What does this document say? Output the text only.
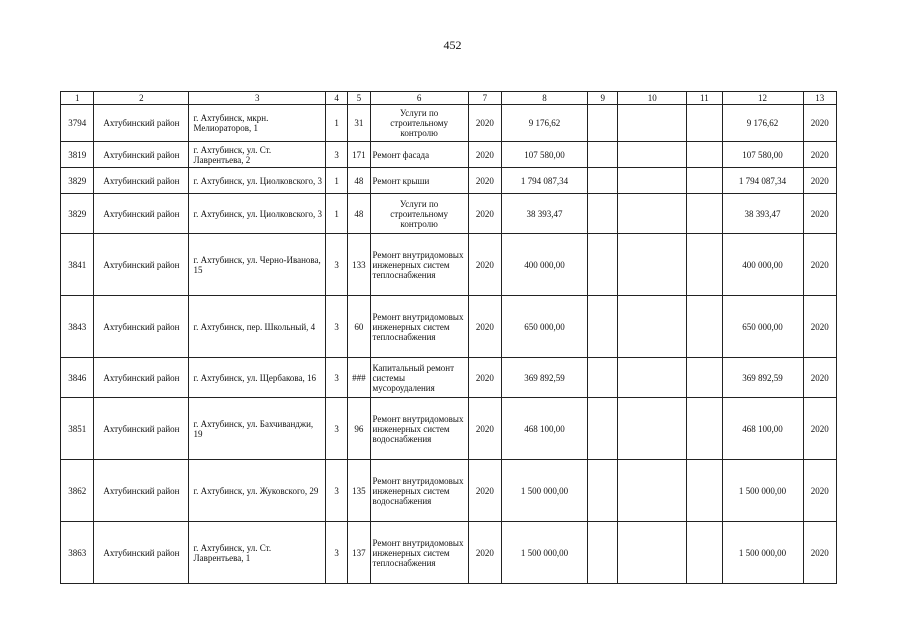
452
1	2	3	4	5	6	7	8	9	10	11	12	13
3794	Ахтубинский район	г. Ахтубинск, мкрн. Мелиораторов, 1	1	31	Услуги по строительному контролю	2020	9 176,62				9 176,62	2020
3819	Ахтубинский район	г. Ахтубинск, ул. Ст. Лаврентьева, 2	3	171	Ремонт фасада	2020	107 580,00				107 580,00	2020
3829	Ахтубинский район	г. Ахтубинск, ул. Циолковского, 3	1	48	Ремонт крыши	2020	1 794 087,34				1 794 087,34	2020
3829	Ахтубинский район	г. Ахтубинск, ул. Циолковского, 3	1	48	Услуги по строительному контролю	2020	38 393,47				38 393,47	2020
3841	Ахтубинский район	г. Ахтубинск, ул. Черно-Иванова, 15	3	133	Ремонт внутридомовых инженерных систем теплоснабжения	2020	400 000,00				400 000,00	2020
3843	Ахтубинский район	г. Ахтубинск, пер. Школьный, 4	3	60	Ремонт внутридомовых инженерных систем теплоснабжения	2020	650 000,00				650 000,00	2020
3846	Ахтубинский район	г. Ахтубинск, ул. Щербакова, 16	3	###	Капитальный ремонт системы мусороудаления	2020	369 892,59				369 892,59	2020
3851	Ахтубинский район	г. Ахтубинск, ул. Бахчиванджи, 19	3	96	Ремонт внутридомовых инженерных систем водоснабжения	2020	468 100,00				468 100,00	2020
3862	Ахтубинский район	г. Ахтубинск, ул. Жуковского, 29	3	135	Ремонт внутридомовых инженерных систем водоснабжения	2020	1 500 000,00				1 500 000,00	2020
3863	Ахтубинский район	г. Ахтубинск, ул. Ст. Лаврентьева, 1	3	137	Ремонт внутридомовых инженерных систем теплоснабжения	2020	1 500 000,00				1 500 000,00	2020
